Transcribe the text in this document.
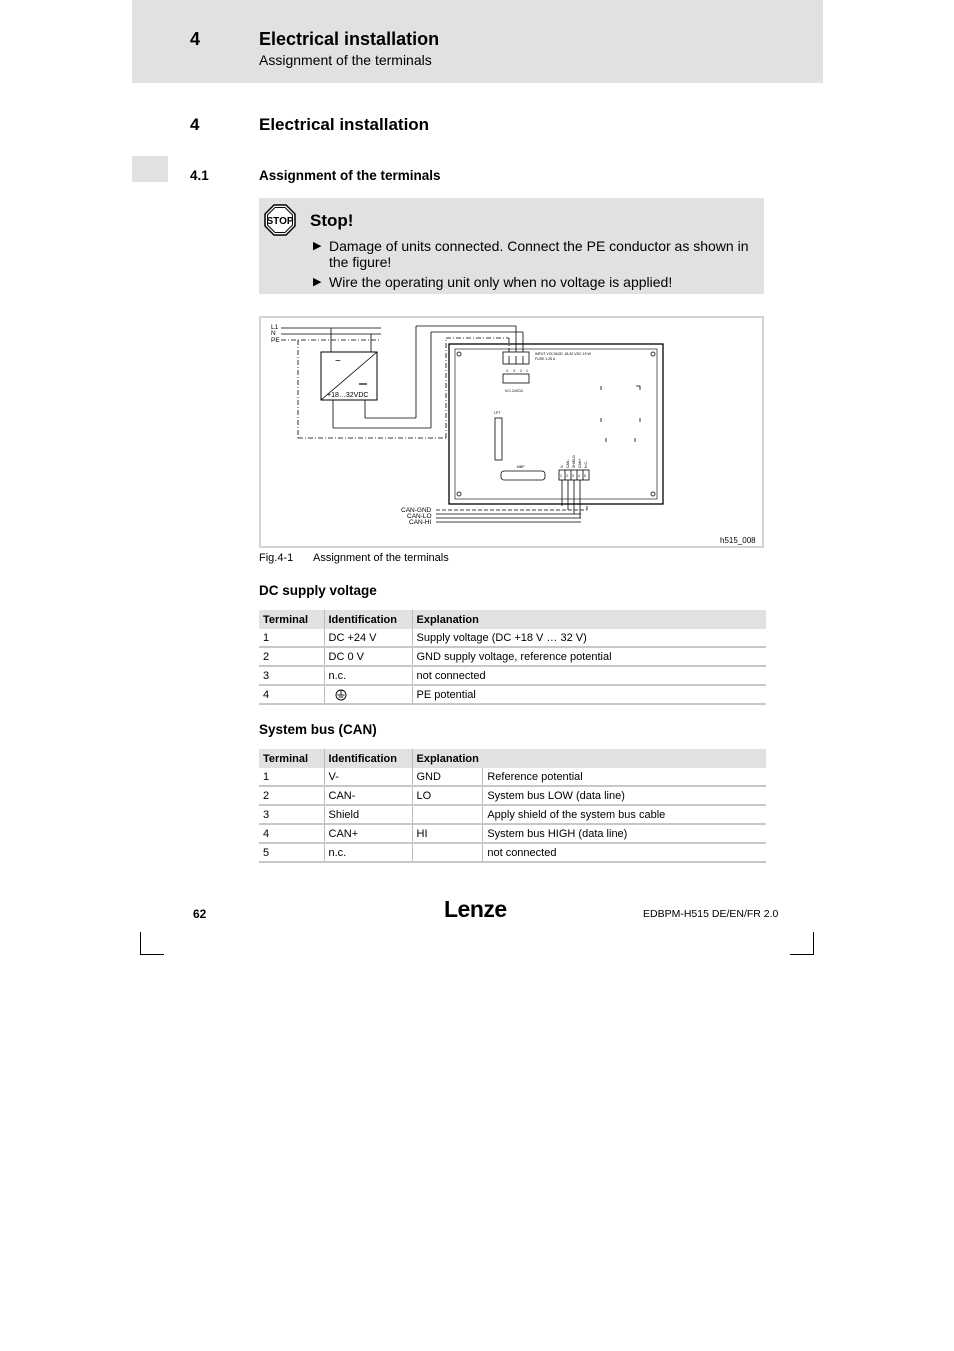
4	Electrical installation
Assignment of the terminals
4	Electrical installation
4.1	Assignment of the terminals
STOP Stop!
▶ Damage of units connected. Connect the PE conductor as shown in the figure!
▶ Wire the operating unit only when no voltage is applied!
L1
N
PE
~
+18…32VDC
INPUT VOLTAGE: 18-32 VDC 15 W
FUSE 1.25 A
4 3 2 1
N.C.24VDC
LPT
MBP
1 2 3 4 5
V- CAN- SHIELD CAN+ N.C.
CAN-GND
CAN-LO
CAN-HI
h515_008
Fig.4-1 Assignment of the terminals
DC supply voltage
Terminal	Identification	Explanation
1	DC +24 V	Supply voltage (DC +18 V … 32 V)
2	DC 0 V	GND supply voltage, reference potential
3	n.c.	not connected
4		PE potential
System bus (CAN)
Terminal	Identification	Explanation	
1	V-	GND	Reference potential
2	CAN-	LO	System bus LOW (data line)
3	Shield		Apply shield of the system bus cable
4	CAN+	HI	System bus HIGH (data line)
5	n.c.		not connected
62	Lenze	EDBPM-H515 DE/EN/FR 2.0
